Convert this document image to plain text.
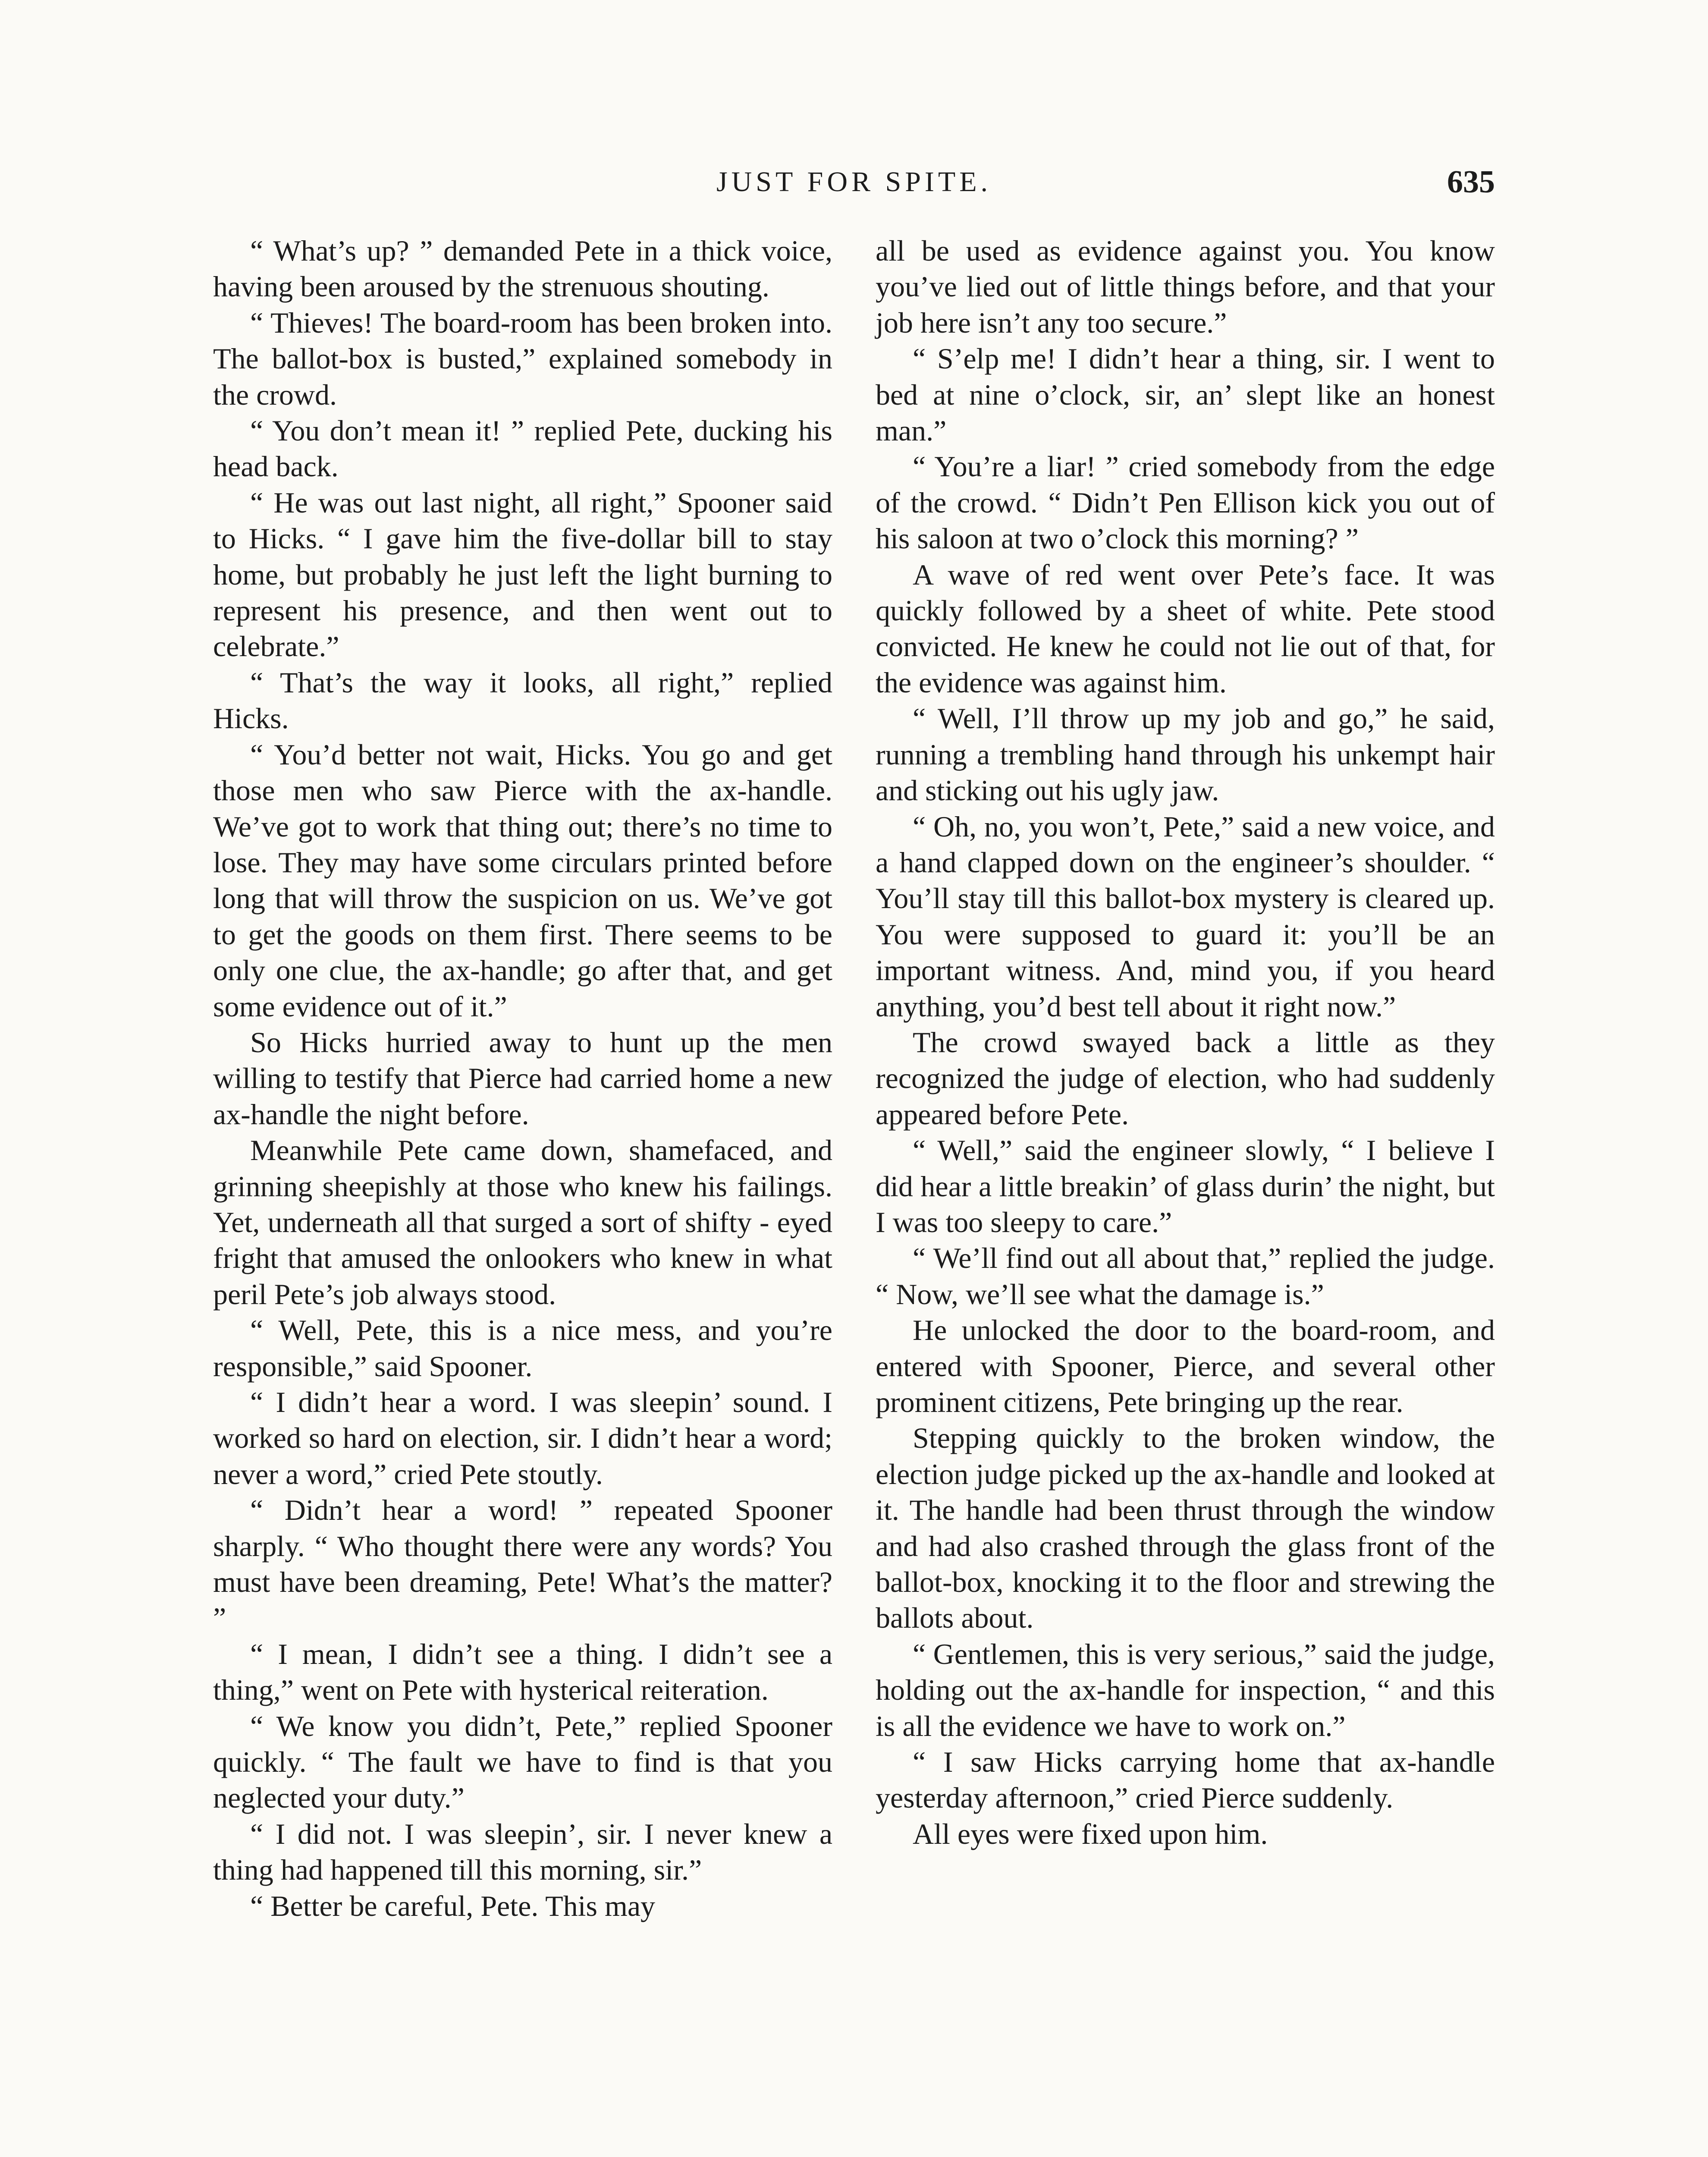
JUST FOR SPITE.	635

“ What’s up? ” demanded Pete in a thick voice, having been aroused by the strenuous shouting.

“ Thieves! The board-room has been broken into. The ballot-box is busted,” explained somebody in the crowd.

“ You don’t mean it! ” replied Pete, ducking his head back.

“ He was out last night, all right,” Spooner said to Hicks. “ I gave him the five-dollar bill to stay home, but probably he just left the light burning to represent his presence, and then went out to celebrate.”

“ That’s the way it looks, all right,” replied Hicks.

“ You’d better not wait, Hicks. You go and get those men who saw Pierce with the ax-handle. We’ve got to work that thing out; there’s no time to lose. They may have some circulars printed before long that will throw the suspicion on us. We’ve got to get the goods on them first. There seems to be only one clue, the ax-handle; go after that, and get some evidence out of it.”

So Hicks hurried away to hunt up the men willing to testify that Pierce had carried home a new ax-handle the night before.

Meanwhile Pete came down, shamefaced, and grinning sheepishly at those who knew his failings. Yet, underneath all that surged a sort of shifty - eyed fright that amused the onlookers who knew in what peril Pete’s job always stood.

“ Well, Pete, this is a nice mess, and you’re responsible,” said Spooner.

“ I didn’t hear a word. I was sleepin’ sound. I worked so hard on election, sir. I didn’t hear a word; never a word,” cried Pete stoutly.

“ Didn’t hear a word! ” repeated Spooner sharply. “ Who thought there were any words? You must have been dreaming, Pete! What’s the matter? ”

“ I mean, I didn’t see a thing. I didn’t see a thing,” went on Pete with hysterical reiteration.

“ We know you didn’t, Pete,” replied Spooner quickly. “ The fault we have to find is that you neglected your duty.”

“ I did not. I was sleepin’, sir. I never knew a thing had happened till this morning, sir.”

“ Better be careful, Pete. This may

all be used as evidence against you. You know you’ve lied out of little things before, and that your job here isn’t any too secure.”

“ S’elp me! I didn’t hear a thing, sir. I went to bed at nine o’clock, sir, an’ slept like an honest man.”

“ You’re a liar! ” cried somebody from the edge of the crowd. “ Didn’t Pen Ellison kick you out of his saloon at two o’clock this morning? ”

A wave of red went over Pete’s face. It was quickly followed by a sheet of white. Pete stood convicted. He knew he could not lie out of that, for the evidence was against him.

“ Well, I’ll throw up my job and go,” he said, running a trembling hand through his unkempt hair and sticking out his ugly jaw.

“ Oh, no, you won’t, Pete,” said a new voice, and a hand clapped down on the engineer’s shoulder. “ You’ll stay till this ballot-box mystery is cleared up. You were supposed to guard it: you’ll be an important witness. And, mind you, if you heard anything, you’d best tell about it right now.”

The crowd swayed back a little as they recognized the judge of election, who had suddenly appeared before Pete.

“ Well,” said the engineer slowly, “ I believe I did hear a little breakin’ of glass durin’ the night, but I was too sleepy to care.”

“ We’ll find out all about that,” replied the judge. “ Now, we’ll see what the damage is.”

He unlocked the door to the board-room, and entered with Spooner, Pierce, and several other prominent citizens, Pete bringing up the rear.

Stepping quickly to the broken window, the election judge picked up the ax-handle and looked at it. The handle had been thrust through the window and had also crashed through the glass front of the ballot-box, knocking it to the floor and strewing the ballots about.

“ Gentlemen, this is very serious,” said the judge, holding out the ax-handle for inspection, “ and this is all the evidence we have to work on.”

“ I saw Hicks carrying home that ax-handle yesterday afternoon,” cried Pierce suddenly.

All eyes were fixed upon him.
